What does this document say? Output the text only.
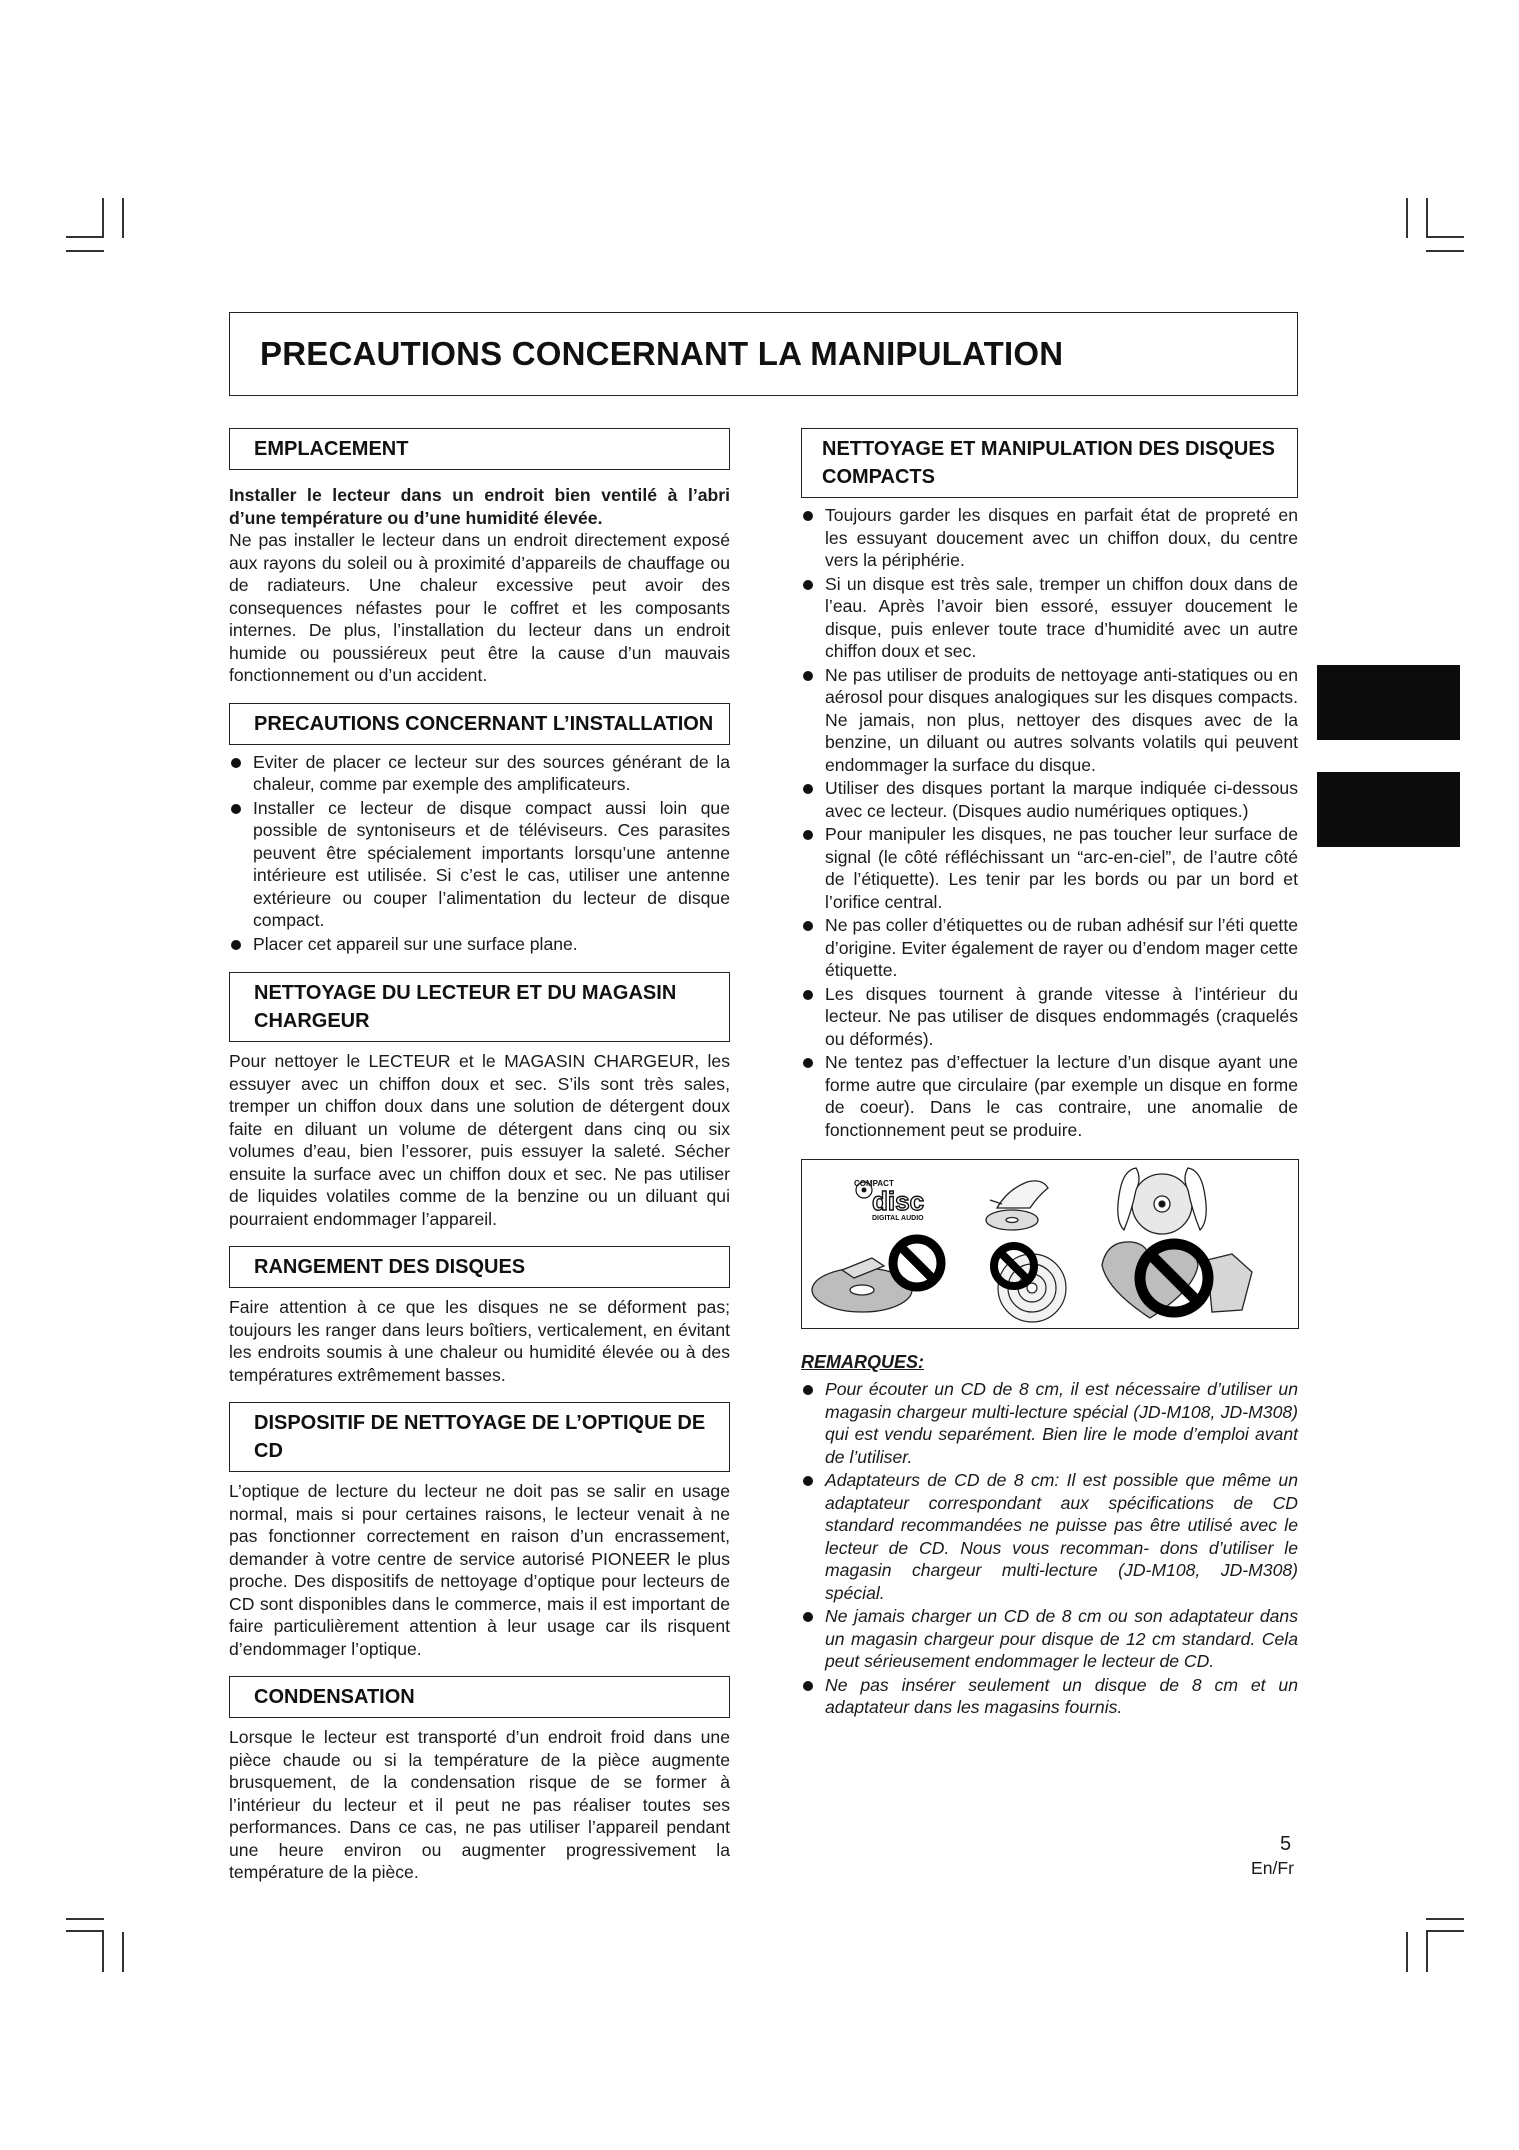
PRECAUTIONS CONCERNANT LA MANIPULATION
EMPLACEMENT

Installer le lecteur dans un endroit bien ventilé à l’abri d’une température ou d’une humidité élevée.

Ne pas installer le lecteur dans un endroit directement exposé aux rayons du soleil ou à proximité d’appareils de chauffage ou de radiateurs. Une chaleur excessive peut avoir des consequences néfastes pour le coffret et les composants internes. De plus, l’installation du lecteur dans un endroit humide ou poussiéreux peut être la cause d’un mauvais fonctionnement ou d’un accident.

PRECAUTIONS CONCERNANT L’INSTALLATION
Eviter de placer ce lecteur sur des sources générant de la chaleur, comme par exemple des amplificateurs.
Installer ce lecteur de disque compact aussi loin que possible de syntoniseurs et de téléviseurs. Ces parasites peuvent être spécialement importants lorsqu’une antenne intérieure est utilisée. Si c’est le cas, utiliser une antenne extérieure ou couper l’alimentation du lecteur de disque compact.
Placer cet appareil sur une surface plane.
NETTOYAGE DU LECTEUR ET DU MAGASIN CHARGEUR

Pour nettoyer le LECTEUR et le MAGASIN CHARGEUR, les essuyer avec un chiffon doux et sec. S’ils sont très sales, tremper un chiffon doux dans une solution de détergent doux faite en diluant un volume de détergent dans cinq ou six volumes d’eau, bien l’essorer, puis essuyer la saleté. Sécher ensuite la surface avec un chiffon doux et sec. Ne pas utiliser de liquides volatiles comme de la benzine ou un diluant qui pourraient endommager l’appareil.

RANGEMENT DES DISQUES

Faire attention à ce que les disques ne se déforment pas; toujours les ranger dans leurs boîtiers, verticalement, en évitant les endroits soumis à une chaleur ou humidité élevée ou à des températures extrêmement basses.

DISPOSITIF DE NETTOYAGE DE L’OPTIQUE DE CD

L’optique de lecture du lecteur ne doit pas se salir en usage normal, mais si pour certaines raisons, le lecteur venait à ne pas fonctionner correctement en raison d’un encrassement, demander à votre centre de service autorisé PIONEER le plus proche. Des dispositifs de nettoyage d’optique pour lecteurs de CD sont disponibles dans le commerce, mais il est important de faire particulièrement attention à leur usage car ils risquent d’endommager l’optique.

CONDENSATION

Lorsque le lecteur est transporté d’un endroit froid dans une pièce chaude ou si la température de la pièce augmente brusquement, de la condensation risque de se former à l’intérieur du lecteur et il peut ne pas réaliser toutes ses performances. Dans ce cas, ne pas utiliser l’appareil pendant une heure environ ou augmenter progressivement la température de la pièce.

NETTOYAGE ET MANIPULATION DES DISQUES COMPACTS
Toujours garder les disques en parfait état de propreté en les essuyant doucement avec un chiffon doux, du centre vers la périphérie.
Si un disque est très sale, tremper un chiffon doux dans de l’eau. Après l’avoir bien essoré, essuyer doucement le disque, puis enlever toute trace d’humidité avec un autre chiffon doux et sec.
Ne pas utiliser de produits de nettoyage anti-statiques ou en aérosol pour disques analogiques sur les disques compacts. Ne jamais, non plus, nettoyer des disques avec de la benzine, un diluant ou autres solvants volatils qui peuvent endommager la surface du disque.
Utiliser des disques portant la marque indiquée ci-dessous avec ce lecteur. (Disques audio numériques optiques.)
Pour manipuler les disques, ne pas toucher leur surface de signal (le côté réfléchissant un “arc-en-ciel”, de l’autre côté de l’étiquette). Les tenir par les bords ou par un bord et l’orifice central.
Ne pas coller d’étiquettes ou de ruban adhésif sur l’éti quette d’origine. Eviter également de rayer ou d’endom mager cette étiquette.
Les disques tournent à grande vitesse à l’intérieur du lecteur. Ne pas utiliser de disques endommagés (craquelés ou déformés).
Ne tentez pas d’effectuer la lecture d’un disque ayant une forme autre que circulaire (par exemple un disque en forme de coeur). Dans le cas contraire, une anomalie de fonctionnement peut se produire.
COMPACT
disc
DIGITAL AUDIO
REMARQUES:
Pour écouter un CD de 8 cm, il est nécessaire d’utiliser un magasin chargeur multi-lecture spécial (JD-M108, JD-M308) qui est vendu separément. Bien lire le mode d’emploi avant de l’utiliser.
Adaptateurs de CD de 8 cm: Il est possible que même un adaptateur correspondant aux spécifications de CD standard recommandées ne puisse pas être utilisé avec le lecteur de CD. Nous vous recomman- dons d’utiliser le magasin chargeur multi-lecture (JD-M108, JD-M308) spécial.
Ne jamais charger un CD de 8 cm ou son adaptateur dans un magasin chargeur pour disque de 12 cm standard. Cela peut sérieusement endommager le lecteur de CD.
Ne pas insérer seulement un disque de 8 cm et un adaptateur dans les magasins fournis.
5
En/Fr
